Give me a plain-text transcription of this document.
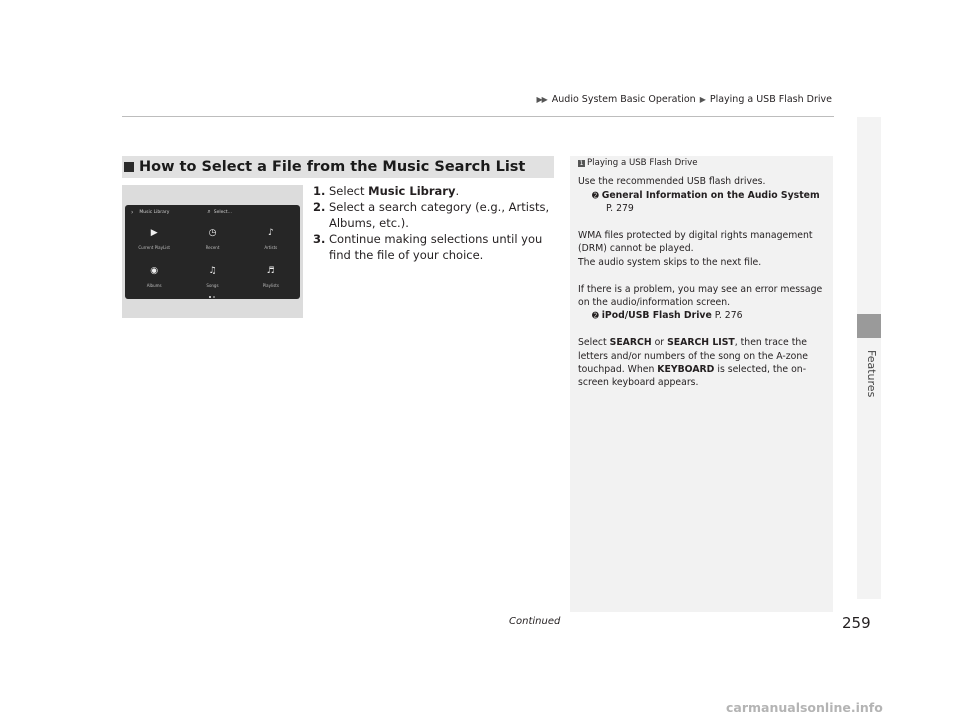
▶▶ Audio System Basic Operation ▶ Playing a USB Flash Drive
Features
How to Select a File from the Music Search List
› Music Library	⌕ Select...
▶
Current PlayList
◷
Recent
♪
Artists
◉
Albums
♫
Songs
♬
Playlists
1. Select Music Library.
2. Select a search category (e.g., Artists, Albums, etc.).
3. Continue making selections until you find the file of your choice.
1 Playing a USB Flash Drive
Use the recommended USB flash drives.
➋ General Information on the Audio System
P. 279
WMA files protected by digital rights management (DRM) cannot be played.
The audio system skips to the next file.
If there is a problem, you may see an error message on the audio/information screen.
➋ iPod/USB Flash Drive P. 276
Select SEARCH or SEARCH LIST, then trace the letters and/or numbers of the song on the A-zone touchpad. When KEYBOARD is selected, the on-screen keyboard appears.
Continued	259
carmanualsonline.info
